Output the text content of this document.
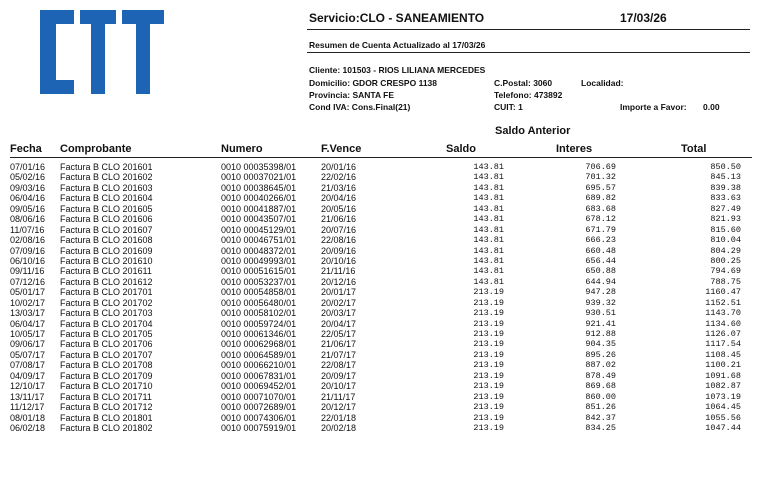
Servicio:CLO - SANEAMIENTO	17/03/26
Resumen de Cuenta Actualizado al 17/03/26
Cliente: 101503 - RIOS LILIANA MERCEDES
Domicilio: GDOR CRESPO 1138	C.Postal: 3060	Localidad:
Provincia: SANTA FE	Telefono: 473892
Cond IVA: Cons.Final(21)	CUIT: 1	Importe a Favor: 0.00
Saldo Anterior
Fecha Comprobante	Numero	F.Vence	Saldo	Interes	Total
07/01/16 Factura B CLO 201601	0010 00035398/01	20/01/16	143.81	706.69	850.50
05/02/16 Factura B CLO 201602	0010 00037021/01	22/02/16	143.81	701.32	845.13
09/03/16 Factura B CLO 201603	0010 00038645/01	21/03/16	143.81	695.57	839.38
06/04/16 Factura B CLO 201604	0010 00040266/01	20/04/16	143.81	689.82	833.63
09/05/16 Factura B CLO 201605	0010 00041887/01	20/05/16	143.81	683.68	827.49
08/06/16 Factura B CLO 201606	0010 00043507/01	21/06/16	143.81	678.12	821.93
11/07/16 Factura B CLO 201607	0010 00045129/01	20/07/16	143.81	671.79	815.60
02/08/16 Factura B CLO 201608	0010 00046751/01	22/08/16	143.81	666.23	810.04
07/09/16 Factura B CLO 201609	0010 00048372/01	20/09/16	143.81	660.48	804.29
06/10/16 Factura B CLO 201610	0010 00049993/01	20/10/16	143.81	656.44	800.25
09/11/16 Factura B CLO 201611	0010 00051615/01	21/11/16	143.81	650.88	794.69
07/12/16 Factura B CLO 201612	0010 00053237/01	20/12/16	143.81	644.94	788.75
05/01/17 Factura B CLO 201701	0010 00054858/01	20/01/17	213.19	947.28	1160.47
10/02/17 Factura B CLO 201702	0010 00056480/01	20/02/17	213.19	939.32	1152.51
13/03/17 Factura B CLO 201703	0010 00058102/01	20/03/17	213.19	930.51	1143.70
06/04/17 Factura B CLO 201704	0010 00059724/01	20/04/17	213.19	921.41	1134.60
10/05/17 Factura B CLO 201705	0010 00061346/01	22/05/17	213.19	912.88	1126.07
09/06/17 Factura B CLO 201706	0010 00062968/01	21/06/17	213.19	904.35	1117.54
05/07/17 Factura B CLO 201707	0010 00064589/01	21/07/17	213.19	895.26	1108.45
07/08/17 Factura B CLO 201708	0010 00066210/01	22/08/17	213.19	887.02	1100.21
04/09/17 Factura B CLO 201709	0010 00067831/01	20/09/17	213.19	878.49	1091.68
12/10/17 Factura B CLO 201710	0010 00069452/01	20/10/17	213.19	869.68	1082.87
13/11/17 Factura B CLO 201711	0010 00071070/01	21/11/17	213.19	860.00	1073.19
11/12/17 Factura B CLO 201712	0010 00072689/01	20/12/17	213.19	851.26	1064.45
08/01/18 Factura B CLO 201801	0010 00074306/01	22/01/18	213.19	842.37	1055.56
06/02/18 Factura B CLO 201802	0010 00075919/01	20/02/18	213.19	834.25	1047.44
